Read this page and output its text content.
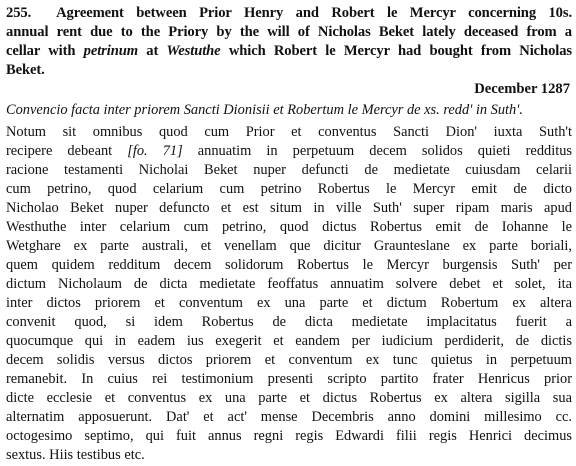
255. Agreement between Prior Henry and Robert le Mercyr concerning 10s.
annual rent due to the Priory by the will of Nicholas Beket lately deceased from a
cellar with petrinum at Westuthe which Robert le Mercyr had bought from Nicholas
Beket.
December 1287
Convencio facta inter priorem Sancti Dionisii et Robertum le Mercyr de xs. redd' in Suth'.
Notum sit omnibus quod cum Prior et conventus Sancti Dion' iuxta Suth't
recipere debeant [fo. 71] annuatim in perpetuum decem solidos quieti redditus
racione testamenti Nicholai Beket nuper defuncti de medietate cuiusdam celarii
cum petrino, quod celarium cum petrino Robertus le Mercyr emit de dicto
Nicholao Beket nuper defuncto et est situm in ville Suth' super ripam maris apud
Westhuthe inter celarium cum petrino, quod dictus Robertus emit de Iohanne le
Wetghare ex parte australi, et venellam que dicitur Graunteslane ex parte boriali,
quem quidem redditum decem solidorum Robertus le Mercyr burgensis Suth' per
dictum Nicholaum de dicta medietate feoffatus annuatim solvere debet et solet, ita
inter dictos priorem et conventum ex una parte et dictum Robertum ex altera
convenit quod, si idem Robertus de dicta medietate implacitatus fuerit a
quocumque qui in eadem ius exegerit et eandem per iudicium perdiderit, de dictis
decem solidis versus dictos priorem et conventum ex tunc quietus in perpetuum
remanebit. In cuius rei testimonium presenti scripto partito frater Henricus prior
dicte ecclesie et conventus ex una parte et dictus Robertus ex altera sigilla sua
alternatim apposuerunt. Dat' et act' mense Decembris anno domini millesimo cc.
octogesimo septimo, qui fuit annus regni regis Edwardi filii regis Henrici decimus
sextus. Hiis testibus etc.
